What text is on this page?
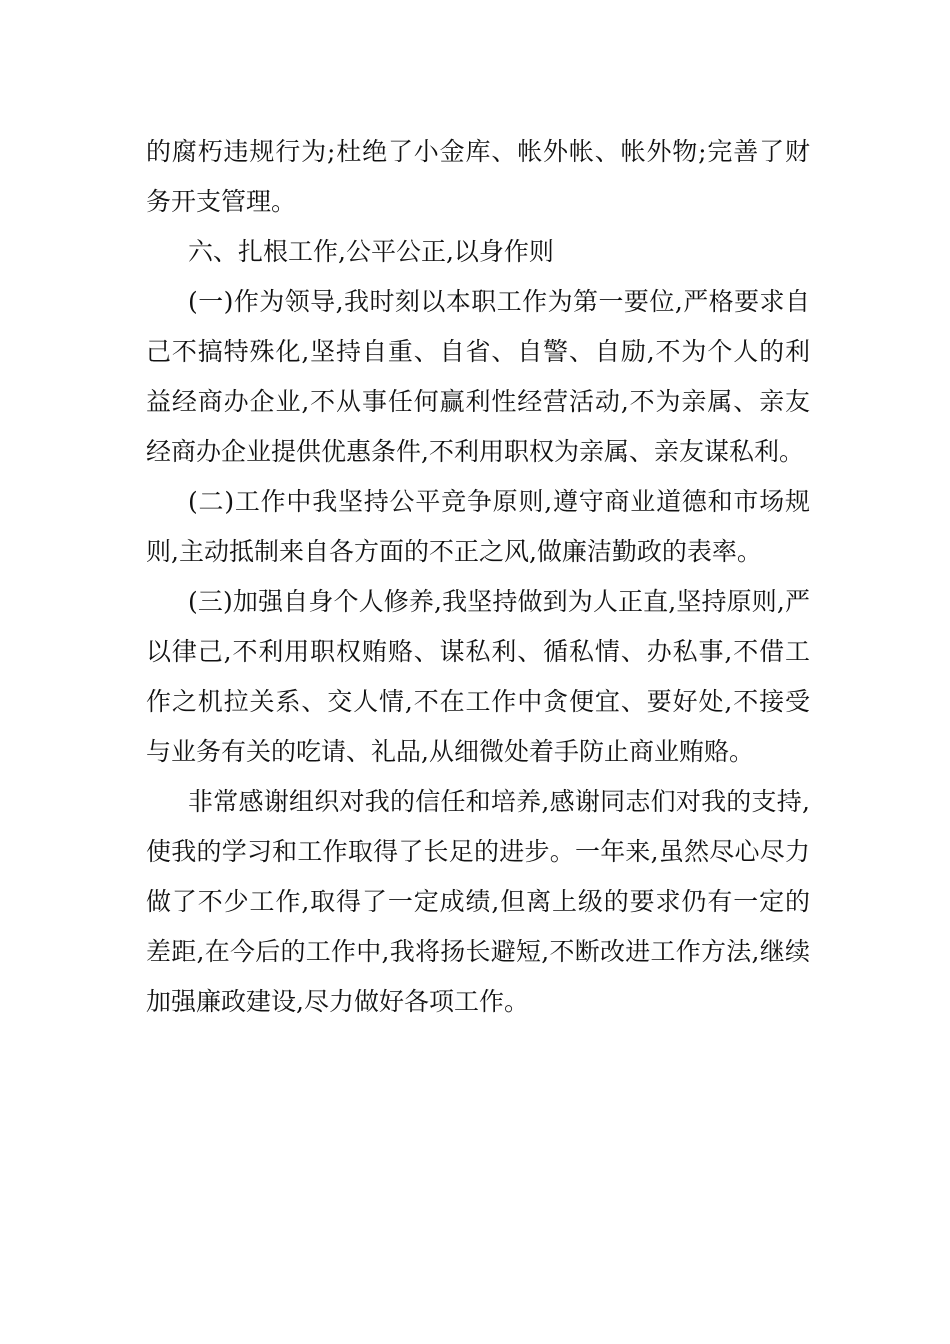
的腐朽违规行为;杜绝了小金库、帐外帐、帐外物;完善了财务开支管理。

六、扎根工作,公平公正,以身作则

(一)作为领导,我时刻以本职工作为第一要位,严格要求自己不搞特殊化,坚持自重、自省、自警、自励,不为个人的利益经商办企业,不从事任何赢利性经营活动,不为亲属、亲友经商办企业提供优惠条件,不利用职权为亲属、亲友谋私利。

(二)工作中我坚持公平竞争原则,遵守商业道德和市场规则,主动抵制来自各方面的不正之风,做廉洁勤政的表率。

(三)加强自身个人修养,我坚持做到为人正直,坚持原则,严以律己,不利用职权贿赂、谋私利、循私情、办私事,不借工作之机拉关系、交人情,不在工作中贪便宜、要好处,不接受与业务有关的吃请、礼品,从细微处着手防止商业贿赂。

非常感谢组织对我的信任和培养,感谢同志们对我的支持,使我的学习和工作取得了长足的进步。一年来,虽然尽心尽力做了不少工作,取得了一定成绩,但离上级的要求仍有一定的差距,在今后的工作中,我将扬长避短,不断改进工作方法,继续加强廉政建设,尽力做好各项工作。
